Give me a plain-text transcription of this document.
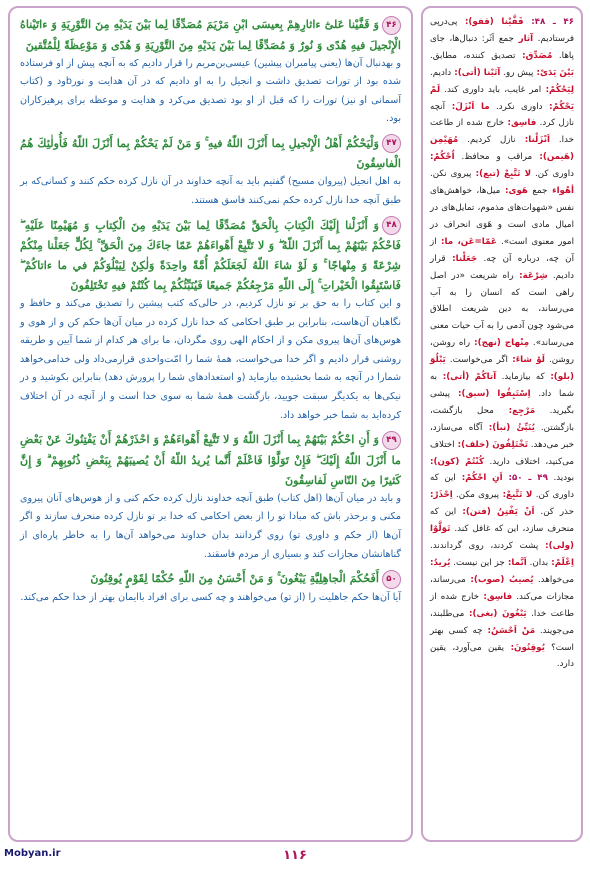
۴۶وَ قَفَّيْنا عَلىٰٓ ءاثارِهِمْ بِعيسَى ابْنِ مَرْيَمَ مُصَدِّقًا لِما بَيْنَ يَدَيْهِ مِنَ التَّوْرِيَةِ وَ ءاتَيْناهُ الْإِنْجيلَ فيهِ هُدًى وَ نُورٌ وَ مُصَدِّقًا لِما بَيْنَ يَدَيْهِ مِنَ التَّوْرِيَةِ وَ هُدًى وَ مَوْعِظَةً لِلْمُتَّقينَ

و بهدنبال آن‌ها (یعنی پیامبران پیشین) عیسی‌بن‌مریم را قرار دادیم که به آنچه پیش از او فرستاده شده بود از تورات تصدیق داشت و انجیل را به او دادیم که در آن هدایت و نورbود و (کتاب آسمانی او نیز) تورات را که قبل از او بود تصدیق می‌کرد و هدایت و موعظه برای پرهیزکاران بود.

۴۷وَلْيَحْكُمْ أَهْلُ الْإِنْجيلِ بِما أَنْزَلَ اللّهُ فيهِ ۚ وَ مَنْ لَمْ يَحْكُمْ بِما أَنْزَلَ اللّهُ فَأُولٰئِكَ هُمُ الْفاسِقُونَ

به اهل انجیل (پیروان مسیح) گفتیم باید به آنچه خداوند در آن نازل کرده حکم کنند و کسانی‌که بر طبق آنچه خدا نازل کرده حکم نمی‌کنند فاسق هستند.

۴۸وَ أَنْزَلْنا إِلَيْكَ الْكِتابَ بِالْحَقِّ مُصَدِّقًا لِما بَيْنَ يَدَيْهِ مِنَ الْكِتابِ وَ مُهَيْمِنًا عَلَيْهِ ۖ فَاحْكُمْ بَيْنَهُمْ بِما أَنْزَلَ اللّهُ ۖ وَ لا تَتَّبِعْ أَهْواءَهُمْ عَمّا جاءَكَ مِنَ الْحَقِّ ۚ لِكُلٍّ جَعَلْنا مِنْكُمْ شِرْعَةً وَ مِنْهاجًا ۚ وَ لَوْ شاءَ اللّهُ لَجَعَلَكُمْ أُمَّةً واحِدَةً وَلٰكِنْ لِيَبْلُوَكُمْ في ما ءاتاكُمْ ۖ فَاسْتَبِقُوا الْخَيْراتِ ۚ إِلَى اللّهِ مَرْجِعُكُمْ جَميعًا فَيُنَبِّئُكُمْ بِما كُنْتُمْ فيهِ تَخْتَلِفُونَ

و این کتاب را به حق بر تو نازل کردیم، در حالی‌که کتب پیشین را تصدیق می‌کند و حافظ و نگاهبان آن‌هاست، بنابراین بر طبق احکامی که خدا نازل کرده در میان آن‌ها حکم کن و از هوی و هوس‌های آن‌ها پیروی مکن و از احکام الهی روی مگردان، ما برای هر کدام از شما آیین و طریقه روشنی قرار دادیم و اگر خدا می‌خواست، همهٔ شما را امّت‌واحدی قرارمی‌داد ولی خدامی‌خواهد شمارا در آنچه به شما بخشیده بیازماید (و استعدادهای شما را پرورش دهد) بنابراین بکوشید و در نیکی‌ها به یکدیگر سبقت جویید، بازگشت همهٔ شما به سوی خدا است و از آنچه در آن اختلاف کرده‌اید به شما خبر خواهد داد.

۴۹وَ أَنِ احْكُمْ بَيْنَهُمْ بِما أَنْزَلَ اللّهُ وَ لا تَتَّبِعْ أَهْواءَهُمْ وَ احْذَرْهُمْ أَنْ يَفْتِنُوكَ عَنْ بَعْضِ ما أَنْزَلَ اللّهُ إِلَيْكَ ۖ فَإِنْ تَوَلَّوْا فَاعْلَمْ أَنَّما يُريدُ اللّهُ أَنْ يُصيبَهُمْ بِبَعْضِ ذُنُوبِهِمْ ۗ وَ إِنَّ كَثيرًا مِنَ النّاسِ لَفاسِقُونَ

و باید در میان آن‌ها (اهل کتاب) طبق آنچه خداوند نازل کرده حکم کنی و از هوس‌های آنان پیروی مکنی و برحذر باش که مبادا تو را از بعض احکامی که خدا بر تو نازل کرده منحرف سازند و اگر آن‌ها (از حکم و داوری تو) روی گردانند بدان خداوند می‌خواهد آن‌ها را به خاطر پاره‌ای از گناهانشان مجازات کند و بسیاری از مردم فاسقند.

۵۰أَفَحُكْمَ الْجاهِلِيَّةِ يَبْغُونَ ۚ وَ مَنْ أَحْسَنُ مِنَ اللّهِ حُكْمًا لِقَوْمٍ يُوقِنُونَ

آیا آن‌ها حکم جاهلیت را (از تو) می‌خواهند و چه کسی برای افراد باایمان بهتر از خدا حکم می‌کند.

۴۶ ـ ۴۸: قَفَّیْنا (قفو): پی‌در‌پی فرستادیم. آثار جمع اَثَر: دنبال‌ها، جای پاها. مُصَدِّق: تصدیق کننده، مطابق. بَیْنَ یَدَیْ: پیش رو. آتَیْنا (أتی): دادیم. لِیَحْکُمْ: امر غایب، باید داوری کند. لَمْ یَحْکُمْ: داوری نکرد. ما اَنْزَلَ: آنچه نازل کرد. فاسِق: خارج شده از طاعت خدا. اَنْزَلْنا: نازل کردیم. مُهَیْمِن (هَیمن): مراقب و محافظ. اُحْکُمْ: داوری کن. لا تَتَّبِعْ (تبع): پیروی نکن. أهْواء جمع هَوی: میل‌ها، خواهش‌های نفس «شهوات‌های مذموم، تمایل‌های در امیال مادی است و هَوَی انحراف در امور معنوی است». عَمّا=عَن، ما: از آن چه، درباره آن چه. جَعَلْنا: قرار دادیم. شِرْعَة: راه شریعت «در اصل راهی است که انسان را به آب می‌رساند، به دین شریعت اطلاق می‌شود چون آدمی را به آب حیات معنی می‌رساند». مِنْهاج (نهج): راه روشن، روشن. لَوْ شاءَ: اگر می‌خواست. یَبْلُوَ (بلو): که بیازماید. آتاکُمْ (أتی): به شما داد. اِسْتَبِقُوا (سبق): پیشی بگیرید. مَرْجِع: محل بازگشت، بازگشتن. یُنَبِّئُ (نبأ): آگاه می‌سازد، خبر می‌دهد. تَخْتَلِفُونَ (خلف): اختلاف می‌کنید، اختلاف دارید. کُنْتُمْ (کون): بودید. ۴۹ ـ ۵۰: اَنِ احْکُمْ: این که داوری کن. لا تَتَّبِعْ: پیروی مکن. اِحْذَرْ: حذر کن. اَنْ یَفْتِنُ (فتن): این که منحرف سازد، این که غافل کند. تَوَلَّوْا (ولی): پشت کردند، روی گرداندند. اِعْلَمْ: بدان. اَنَّما: جز این نیست. یُریدُ: می‌خواهد. یُصیبُ (صوب): می‌رساند، مجازات می‌کند. فاسِق: خارج شده از طاعت خدا. یَبْغُونَ (بغی): می‌طلبند، می‌جویند. مَنْ اَحْسَنُ: چه کسی بهتر است؟ یُوقِنُونَ: یقین می‌آورد، یقین دارد.

Mobyan.ir	۱۱۶
